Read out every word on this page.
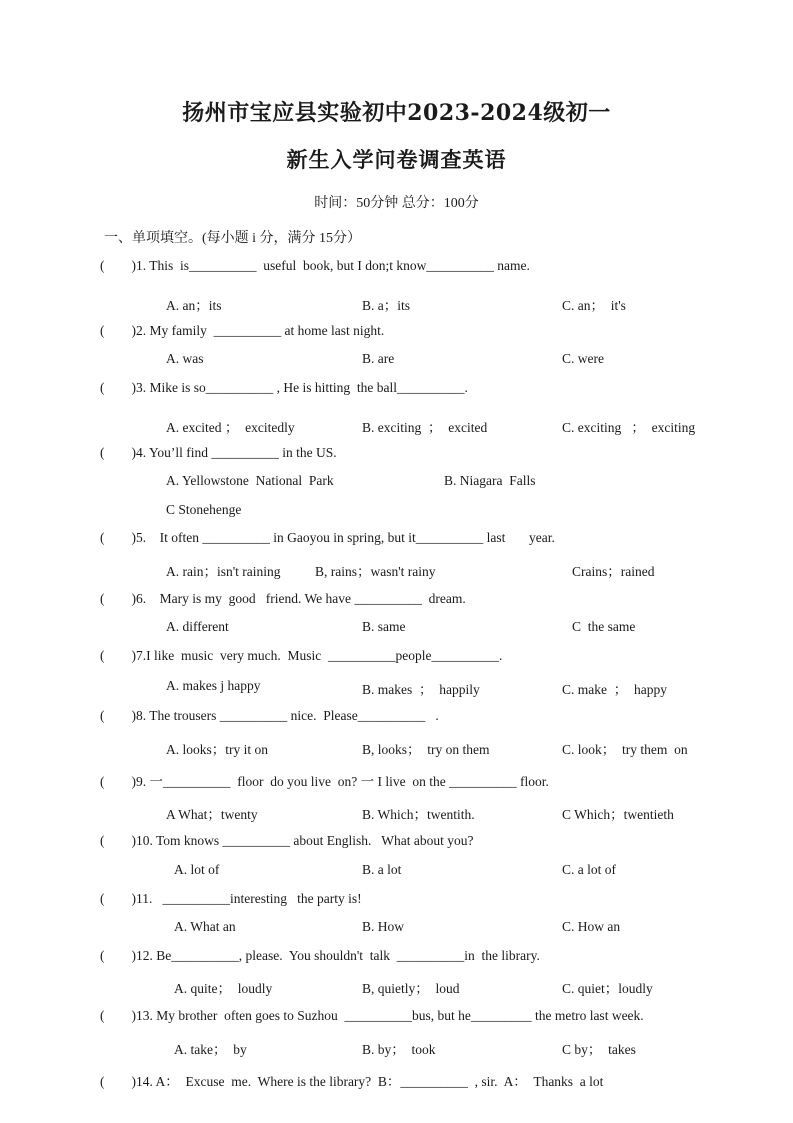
扬州市宝应县实验初中2023-2024级初一
新生入学问卷调查英语
时间：50分钟 总分：100分
一、单项填空。(每小题 i 分，满分 15分）
(        )1. This  is__________  useful  book, but I don;t know__________ name.
A. an；its	B. a；its	C. an；  it's
(        )2. My family  __________ at home last night.
A. was	B. are	C. were
(        )3. Mike is so__________ , He is hitting  the ball__________.
A. excited ；  excitedly	B. exciting  ；  excited	C. exciting   ；  exciting
(        )4. You’ll find __________ in the US.
A. Yellowstone  National  Park	B. Niagara  Falls
C Stonehenge
(        )5.    It often __________ in Gaoyou in spring, but it__________ last       year.
A. rain；isn't raining	B, rains；wasn't rainy	Crains；rained
(        )6.    Mary is my  good   friend. We have __________  dream.
A. different	B. same	C  the same
(        )7.I like  music  very much.  Music  __________people__________.
A. makes j happy	B. makes  ；  happily	C. make  ；  happy
(        )8. The trousers __________ nice.  Please__________   .
A. looks；try it on	B, looks；  try on them	C. look；  try them  on
(        )9. 一__________  floor  do you live  on? 一 I live  on the __________ floor.
A What；twenty	B. Which；twentith.	C Which；twentieth
(        )10. Tom knows __________ about English.   What about you?
A. lot of	B. a lot	C. a lot of
(        )11.   __________interesting   the party is!
A. What an	B. How	C. How an
(        )12. Be__________, please.  You shouldn't  talk  __________in  the library.
A. quite；  loudly	B, quietly；  loud	C. quiet；loudly
(        )13. My brother  often goes to Suzhou  __________bus, but he_________ the metro last week.
A. take；  by	B. by；  took	C by；  takes
(        )14. A：  Excuse  me.  Where is the library?  B：__________  , sir.  A：  Thanks  a lot
